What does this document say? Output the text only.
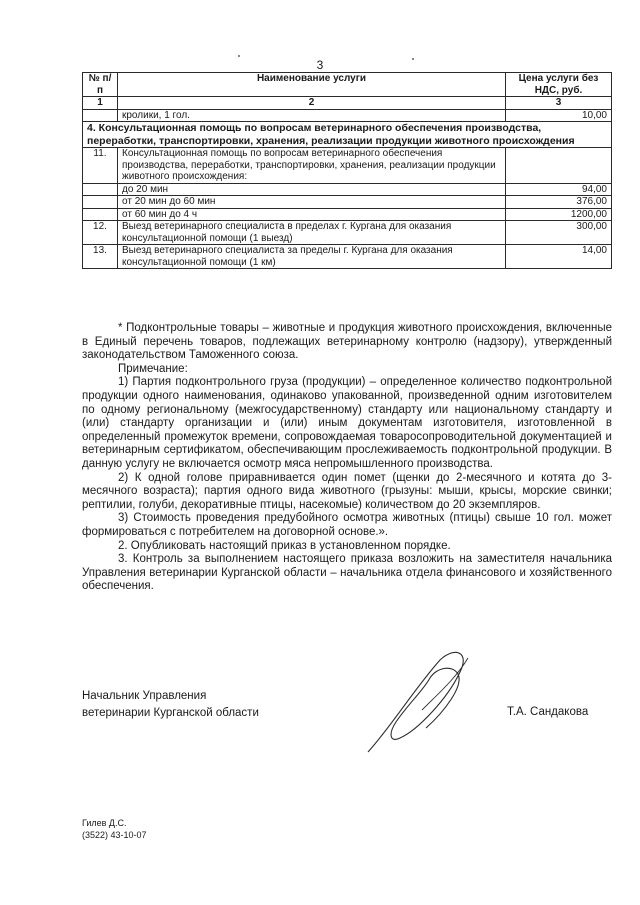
3
№ п/п	Наименование услуги	Цена услуги без НДС, руб.
1	2	3
	кролики, 1 гол.	10,00
4. Консультационная помощь по вопросам ветеринарного обеспечения производства, переработки, транспортировки, хранения, реализации продукции животного происхождения		
11.	Консультационная помощь по вопросам ветеринарного обеспечения производства, переработки, транспортировки, хранения, реализации продукции животного происхождения:	
	до 20 мин	94,00
	от 20 мин до 60 мин	376,00
	от 60 мин до 4 ч	1200,00
12.	Выезд ветеринарного специалиста в пределах г. Кургана для оказания консультационной помощи (1 выезд)	300,00
13.	Выезд ветеринарного специалиста за пределы г. Кургана для оказания консультационной помощи (1 км)	14,00

* Подконтрольные товары – животные и продукция животного происхождения, включенные в Единый перечень товаров, подлежащих ветеринарному контролю (надзору), утвержденный законодательством Таможенного союза.

Примечание:

1) Партия подконтрольного груза (продукции) – определенное количество подконтрольной продукции одного наименования, одинаково упакованной, произведенной одним изготовителем по одному региональному (межгосударственному) стандарту или национальному стандарту и (или) стандарту организации и (или) иным документам изготовителя, изготовленной в определенный промежуток времени, сопровождаемая товаросопроводительной документацией и ветеринарным сертификатом, обеспечивающим прослеживаемость подконтрольной продукции. В данную услугу не включается осмотр мяса непромышленного производства.

2) К одной голове приравнивается один помет (щенки до 2-месячного и котята до 3-месячного возраста); партия одного вида животного (грызуны: мыши, крысы, морские свинки; рептилии, голуби, декоративные птицы, насекомые) количеством до 20 экземпляров.

3) Стоимость проведения предубойного осмотра животных (птицы) свыше 10 гол. может формироваться с потребителем на договорной основе.».

2. Опубликовать настоящий приказ в установленном порядке.

3. Контроль за выполнением настоящего приказа возложить на заместителя начальника Управления ветеринарии Курганской области – начальника отдела финансового и хозяйственного обеспечения.

Начальник Управления
ветеринарии Курганской области	Т.А. Сандакова
Гилев Д.С.
(3522) 43-10-07
